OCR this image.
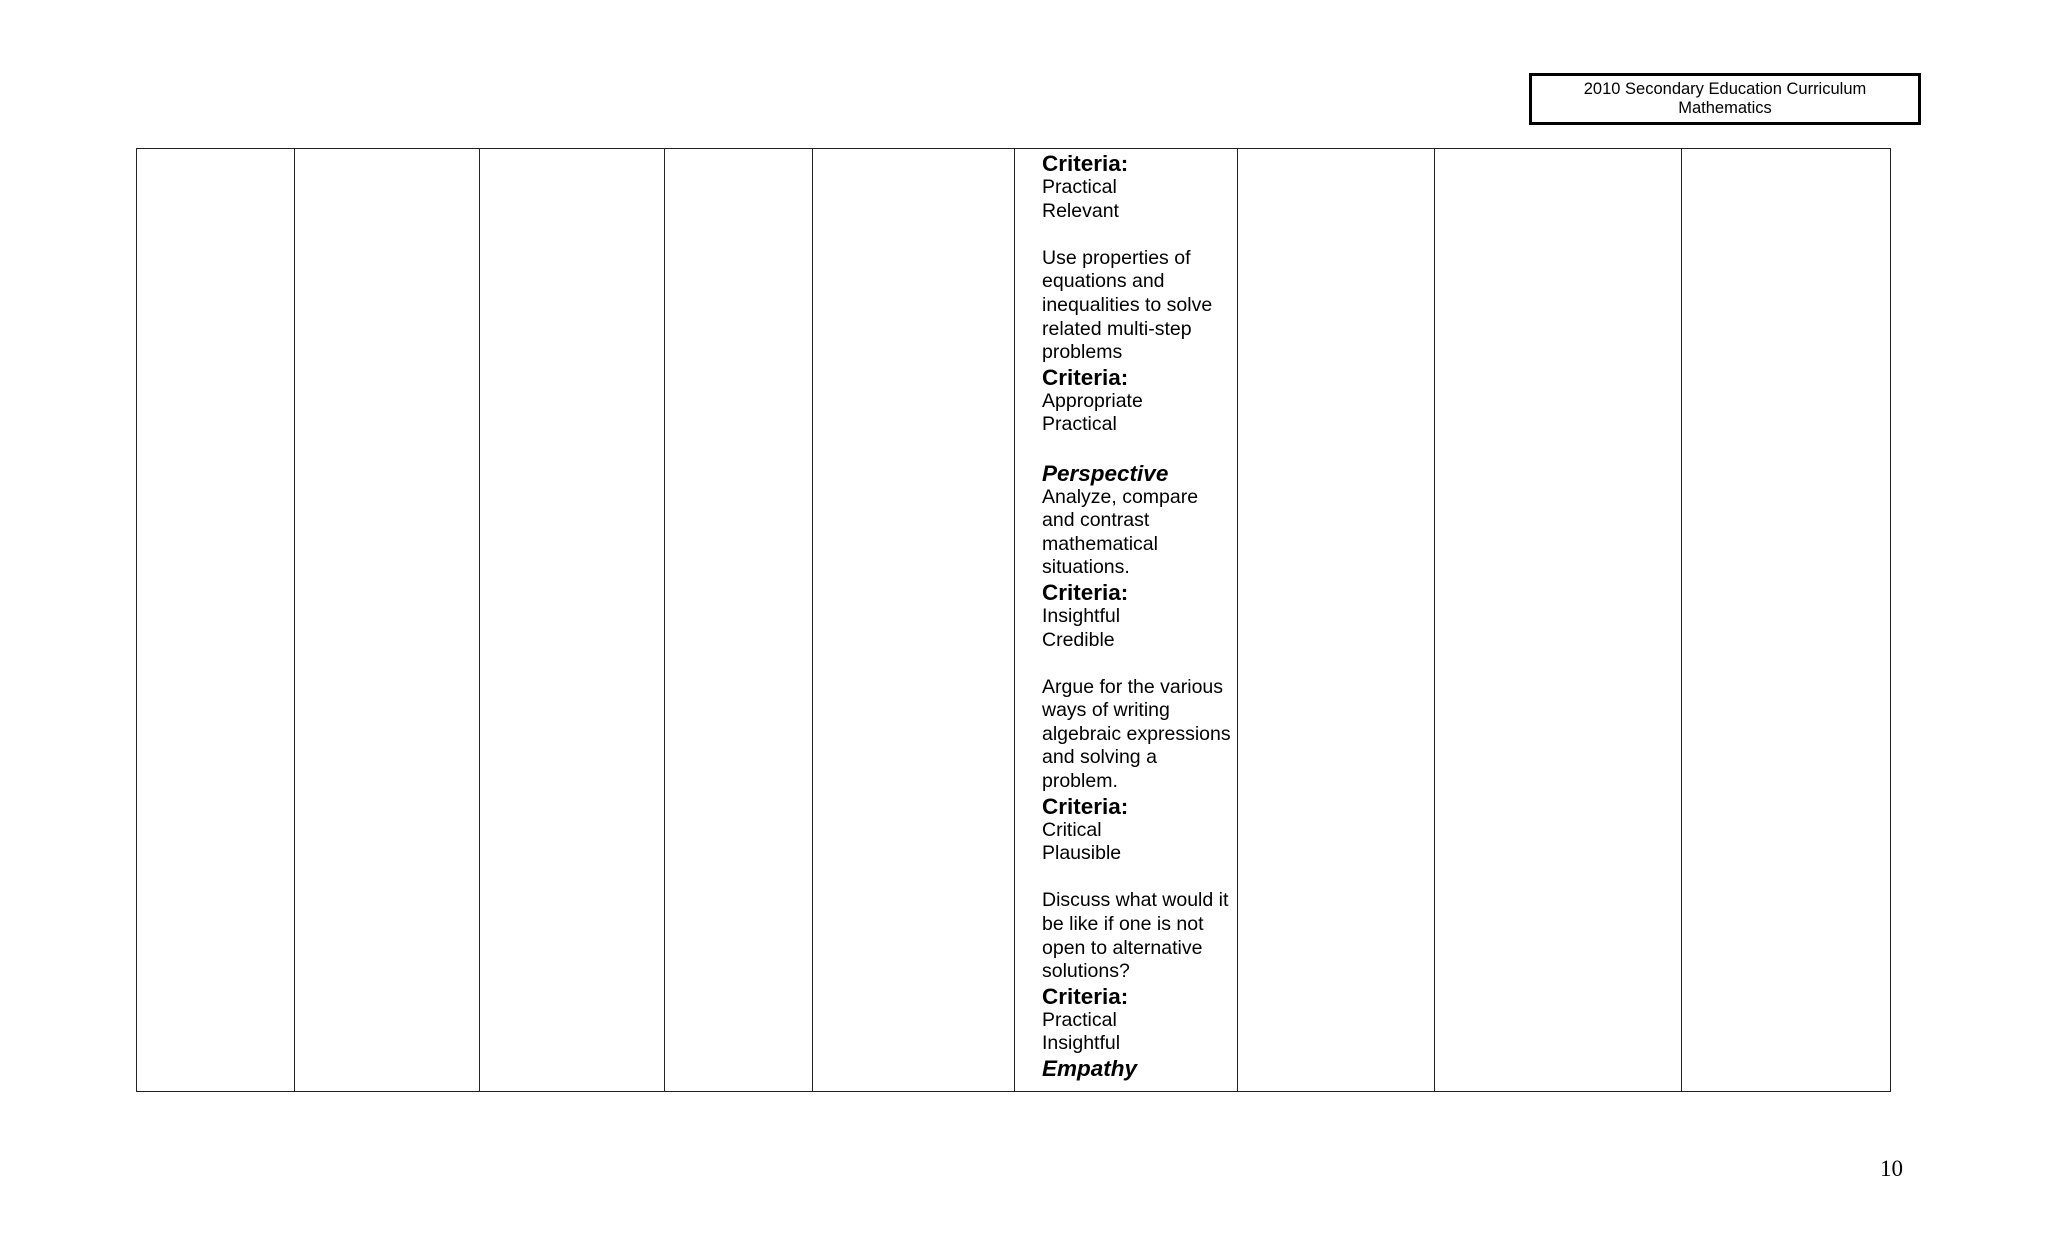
2010 Secondary Education Curriculum
Mathematics
Criteria:
Practical
Relevant
Use properties of
equations and
inequalities to solve
related multi-step
problems
Criteria:
Appropriate
Practical
Perspective
Analyze, compare
and contrast
mathematical
situations.
Criteria:
Insightful
Credible
Argue for the various
ways of writing
algebraic expressions
and solving a
problem.
Criteria:
Critical
Plausible
Discuss what would it
be like if one is not
open to alternative
solutions?
Criteria:
Practical
Insightful
Empathy
10
